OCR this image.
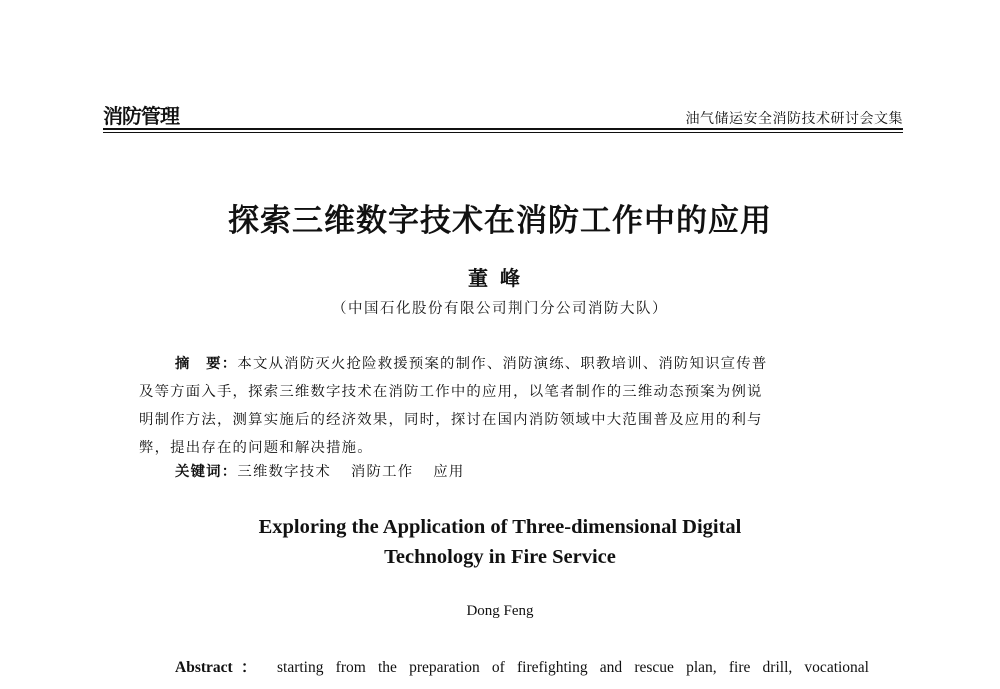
消防管理	油气储运安全消防技术研讨会文集
探索三维数字技术在消防工作中的应用
董峰
（中国石化股份有限公司荆门分公司消防大队）
摘　要：本文从消防灭火抢险救援预案的制作、消防演练、职教培训、消防知识宣传普
及等方面入手，探索三维数字技术在消防工作中的应用，以笔者制作的三维动态预案为例说
明制作方法，测算实施后的经济效果，同时，探讨在国内消防领域中大范围普及应用的利与
弊，提出存在的问题和解决措施。
关键词：三维数字技术 消防工作 应用
Exploring the Application of Three-dimensional Digital
Technology in Fire Service
Dong Feng
Abstract： starting from the preparation of firefighting and rescue plan, fire drill, vocational
